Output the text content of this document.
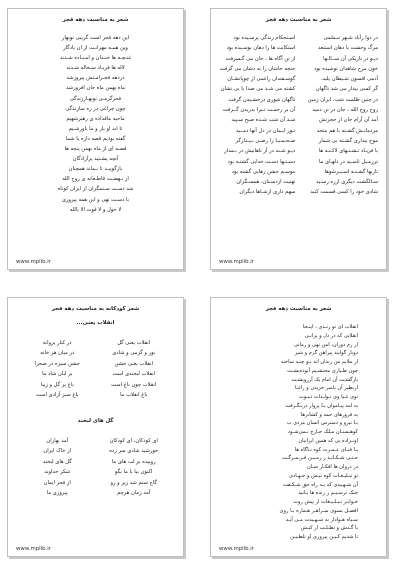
شعر به مناسبت دهه فجر
در دوا رآباد شـهر تبـسّمی
اسـتحکام زندگی پرسـیده بود
مرگ وحشت با دهان استبعد
استکانت ها را دهان بوسـیده بود
دیـو در تاریکی آن ســالـها
از تن آگاه ها ، جان می گـسرفت
خون مرح شاهدان توشیده بود
جنجه خاشان را به دشان می گرفت
آدمی افسون شـیطان پلید،
گوسـفندان راغمی از چوپانشـان
گر کسی بیدار می شد ناگهان
کشته می شـد می صدا با بی نشان
در چنین ظلمت شب، ایران زمین
ناگهان شوری درخشـیدن گرفت
روح روح الله ، جان در تن دمید
آن بر رحمـت تـبرا بدریدن گــرفت
آمد آن آرام جان از حجرتش
شـد آن شب شـده صبح سـپید
مردمانـش گشـته با هم متحد
نـور ایـمان در دل آنها دمــید
موج بیداری گشـته بی شمار
صـحـمـيـا را رصـی نـپـدازگر
با فریـاد تـشـنـهای لاکـنـه ها
دیـو شـند در آز تاهانیش در بـمدار
ترزمـیل تاسـید در دلهـای ما
دسـتـها دسـت خدایی گشتـه بود
تاربها گشـتـه اسـیـرشوها
موسـم جشن رهایی گشته بود
سـالگشت دیگری ازره رسـید
تهنیت ازدسـتان، همسـگران
شادی خود را کسی قسمت کنید
سهم داری ازشـاها دیگران
www.mplib.ir
شعر به مناسبت دهه فجر
این دهه فجر است گریبی نوبهار
وین همـه مهرانـت از ان یادگار
غنـچـه ها خنـدان و امـنـاده شـدند
لاله ها فریـاد سـخاله شـدند
دردهه فجـرامـتش پیروزشد
ماه بهمن ماه جان افروزشد
فجرگرمـی نوبهـارزندگی
چون چراغی در ره سازندگی
ماحیه ماقداده ی رهبرشهیم
تا ابد او یار و ما یاورشـیم
گفته بودیم قصه داره یا شما
قصـه ای از ماه بهمن پنجه ها
آنچه پشـتید پرآزادگان
بازگوییـد تا بـماند همچنان
از نـهضـت قاطـعانه ی روح الله
شد دسـت سـتمگران از ایران کوتاه
با دسـت تهی و این همه پیروزی
لا حول و لا قوت الا بالله
www.mplib.ir
شعر به مناسبت دهه فجر
انقلاب ای تو زنـدی ، اینـجا
انقلابی که در دل و پرانـی
از رم دوران، امن تهی و رمانی
دوبار گوایند پیراهن گرم و شیر
از ملایم من زندان اند نـو چنـد ساخته
چون طـیاری محتشـیم آنوده‌یشـت
بازگشـت آن امام یک آرزویشـت
ازنظیر آن نامبر خریدن و راغـا
توی غـیا وی تـولـدات ثـبـوت
به امد پیـاموان بـا پرواز دربـگـرفت
به فرورهای حمد و کشانرها
بـا نیرو‌ و دسترس انسان مردی ب
کوهـستـان مـلک خـارج نـمی‌شـود
اونـزاده یی که همین ایرانیان
یـا فنـای عـمـرت کوه نـاگاه ها
حـتـی شـکـانـد ز زمـیـن فـرـمـرگـت
در دروان ها افکـار شـان
تو تبـلیـغـات کوه تپـش‌ و جـهـادی
آن شـهـیدی که یـه راه حق شـکـفت
جنک ترسـیـم ز زنده ها بـانید
خـوابـر تـبـلـیـغات از پیش روت
افضـل بسوی سـراهـر هـماره بـا روی
سـیاه هـوادار به شـهـیدت مـی آیـد
با گـدش و تطـلـب از کیـش
تا شدیم کـیـن پیروزی او تلطـیـن
www.mplib.ir
شعر کودکانه به مناسبت دهه فجر
انقلاب یعنی...
انقلاب یعنی گل
در کنار پروانه
نور و گرمی و شادی
در میان هر خانه
انقلاب یعنی جشن
جشن سبزه در صحرا
انقلاب لبخندی است
بر لبان شاد ما
انقلاب چون باغ است
باغ پر گل و زیبا
باغ انقلاب ما
باغ سبز آزادی است
گل های لبخند
ای کودکان، ای کودکان
آمد بهاران
خورشید شادی سر زده
از خاک ایران
روییده بر لب های ما
گل های لبخند
اکنون بیا با ما بگو
شکر خداوند
گاج ستم شد زیر و رو
از فجر ایمان
آمد زمان هرچم
پیروزی ما
www.mplib.ir
